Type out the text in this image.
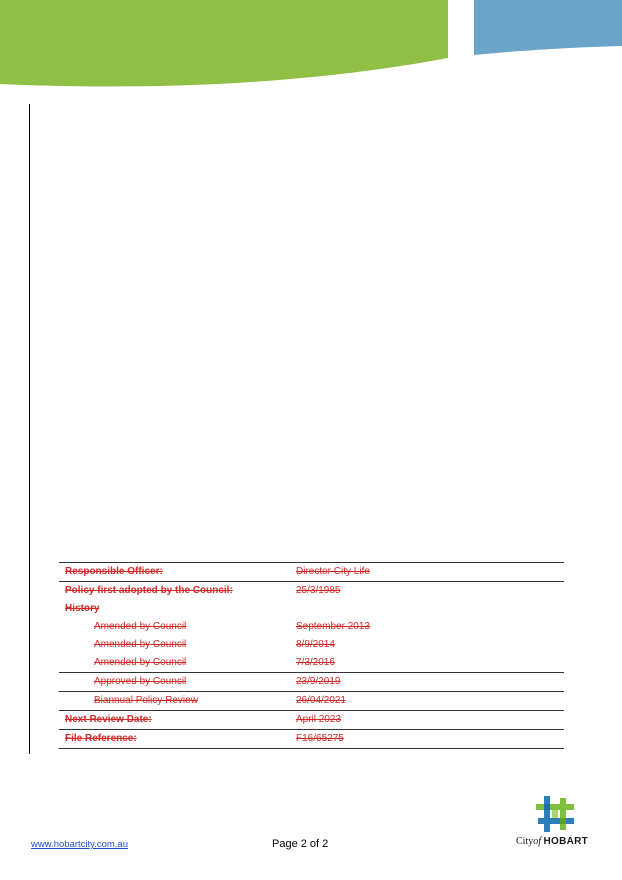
Responsible Officer:	Director City Life
Policy first adopted by the Council:	25/3/1985
History	
Amended by Council	September 2013
Amended by Council	8/9/2014
Amended by Council	7/3/2016
Approved by Council	23/9/2019
Biannual Policy Review	26/04/2021
Next Review Date:	April 2023
File Reference:	F16/65275
www.hobartcity.com.au	Page 2 of 2	Cityof HOBART
